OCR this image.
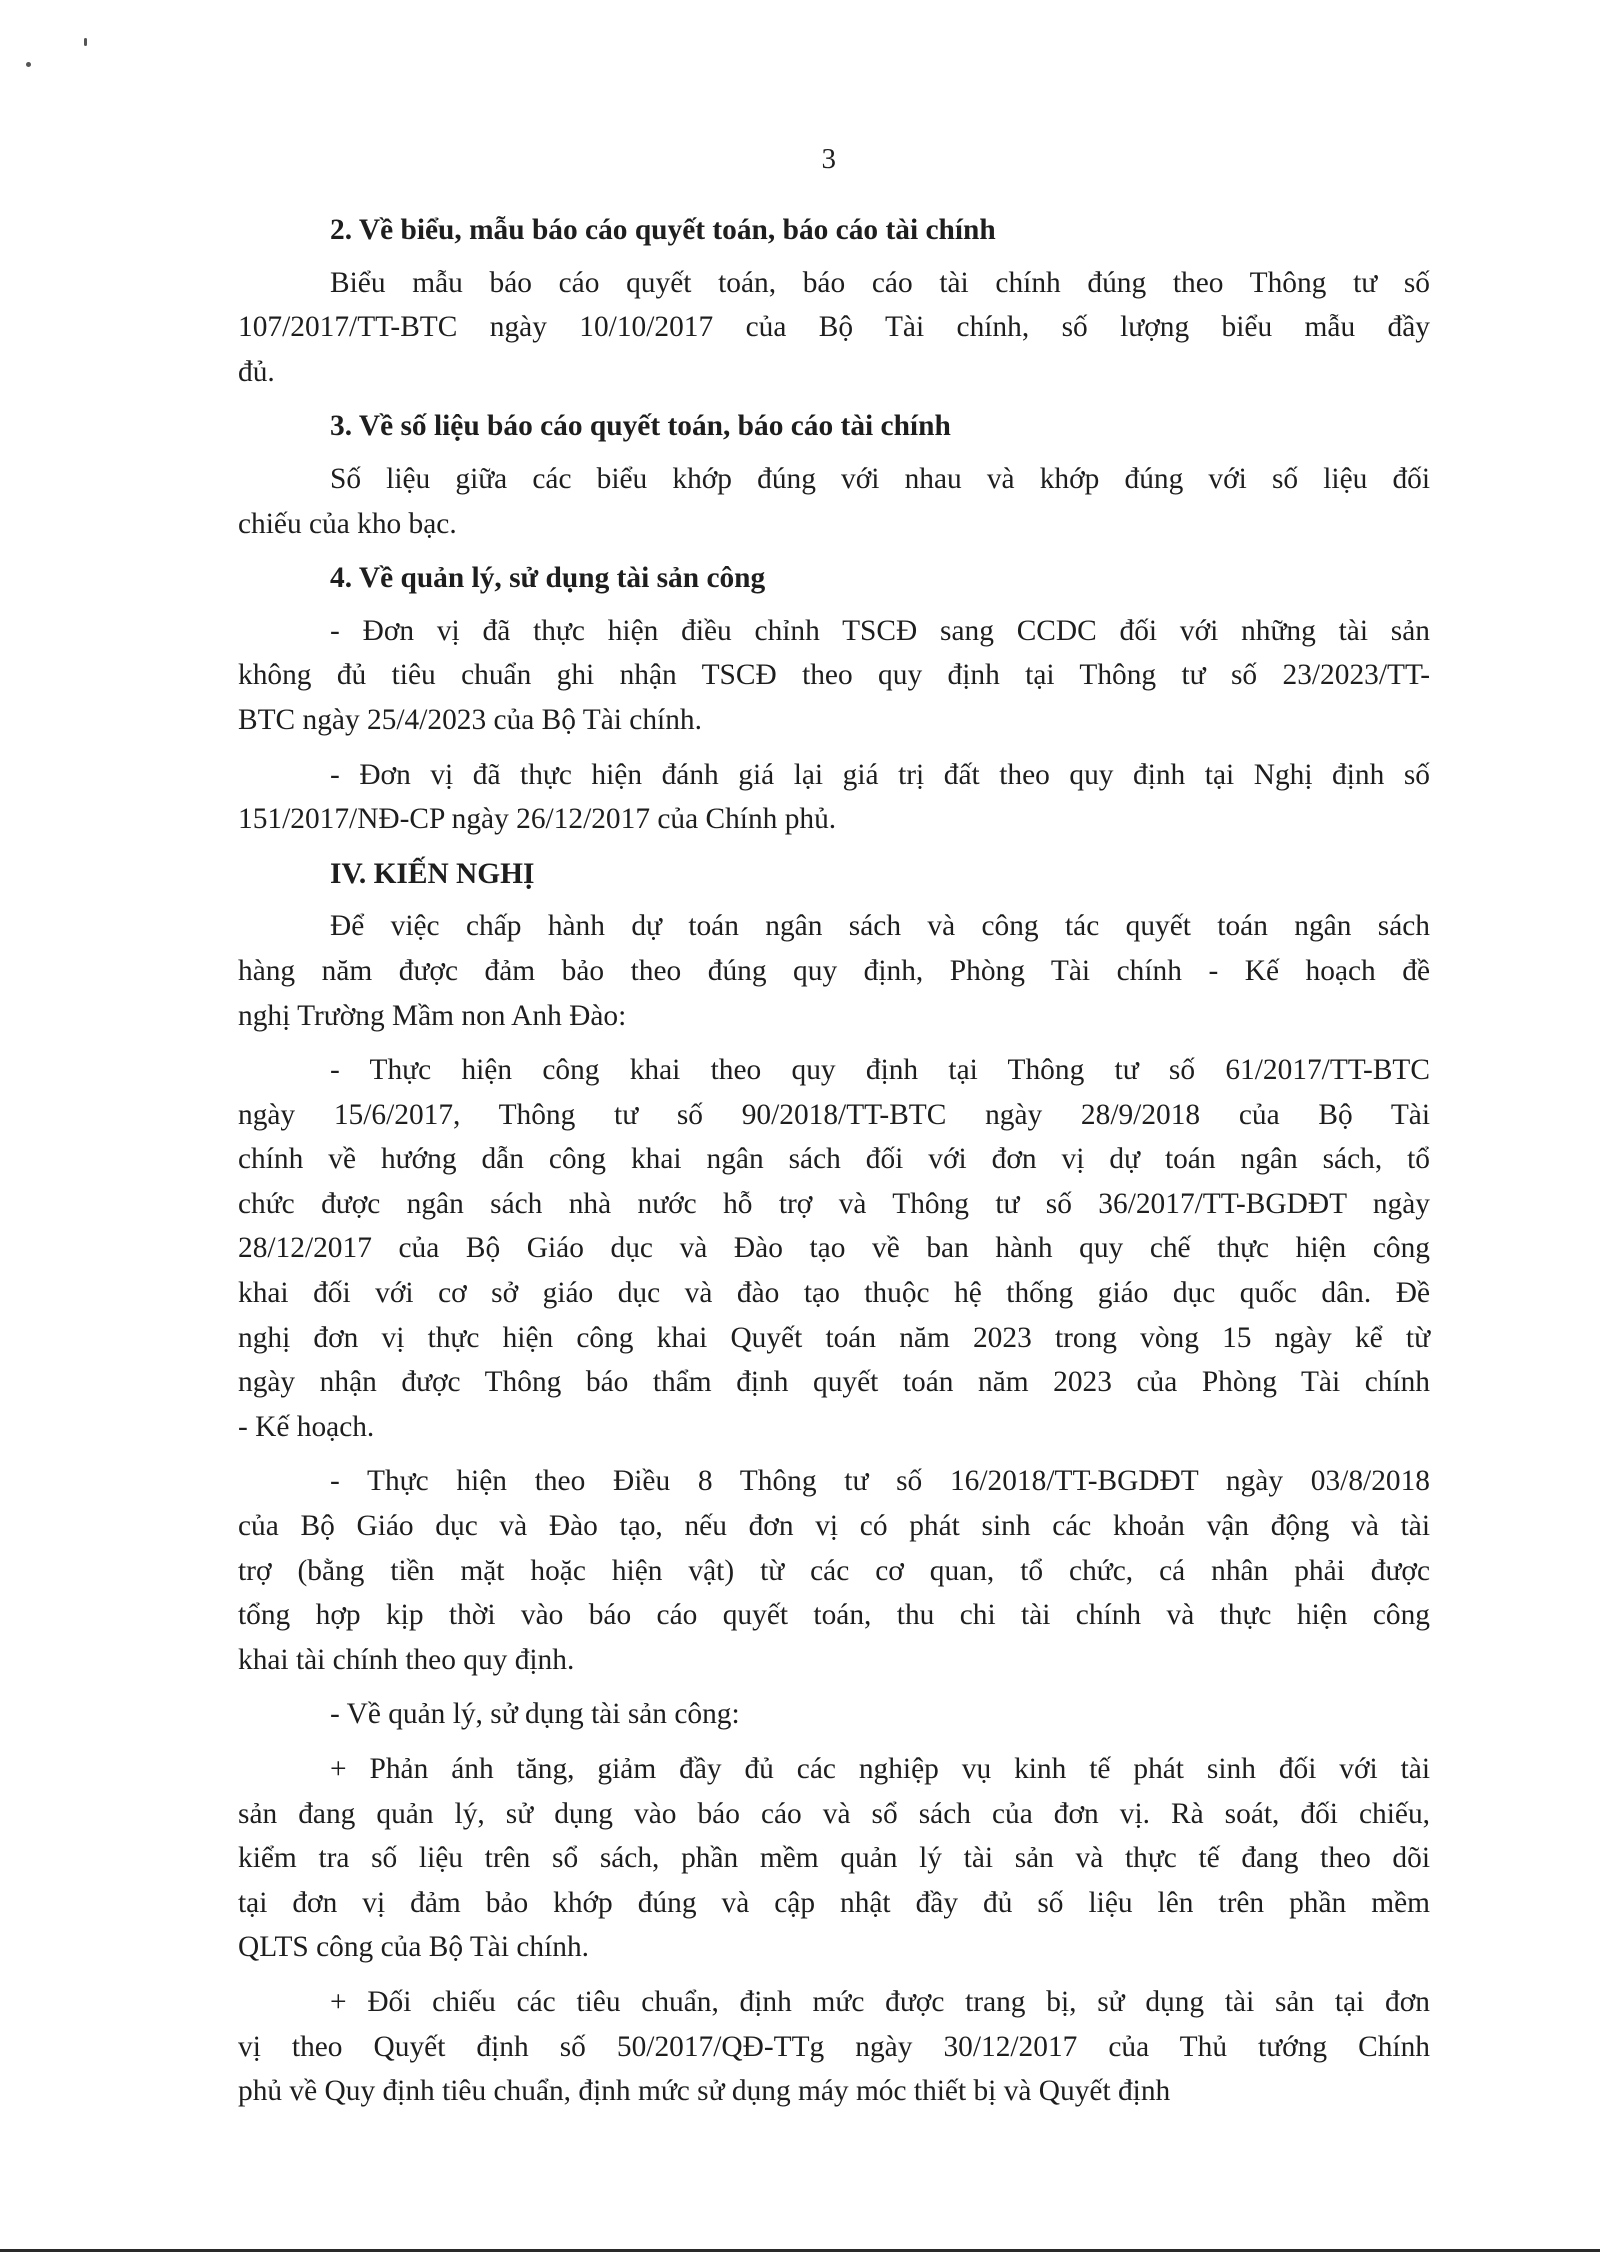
3

2. Về biểu, mẫu báo cáo quyết toán, báo cáo tài chính

Biểu mẫu báo cáo quyết toán, báo cáo tài chính đúng theo Thông tư số
107/2017/TT-BTC ngày 10/10/2017 của Bộ Tài chính, số lượng biểu mẫu đầy
đủ.

3. Về số liệu báo cáo quyết toán, báo cáo tài chính

Số liệu giữa các biểu khớp đúng với nhau và khớp đúng với số liệu đối
chiếu của kho bạc.

4. Về quản lý, sử dụng tài sản công

- Đơn vị đã thực hiện điều chỉnh TSCĐ sang CCDC đối với những tài sản
không đủ tiêu chuẩn ghi nhận TSCĐ theo quy định tại Thông tư số 23/2023/TT-
BTC ngày 25/4/2023 của Bộ Tài chính.
- Đơn vị đã thực hiện đánh giá lại giá trị đất theo quy định tại Nghị định số
151/2017/NĐ-CP ngày 26/12/2017 của Chính phủ.

IV. KIẾN NGHỊ

Để việc chấp hành dự toán ngân sách và công tác quyết toán ngân sách
hàng năm được đảm bảo theo đúng quy định, Phòng Tài chính - Kế hoạch đề
nghị Trường Mầm non Anh Đào:
- Thực hiện công khai theo quy định tại Thông tư số 61/2017/TT-BTC
ngày 15/6/2017, Thông tư số 90/2018/TT-BTC ngày 28/9/2018 của Bộ Tài
chính về hướng dẫn công khai ngân sách đối với đơn vị dự toán ngân sách, tổ
chức được ngân sách nhà nước hỗ trợ và Thông tư số 36/2017/TT-BGDĐT ngày
28/12/2017 của Bộ Giáo dục và Đào tạo về ban hành quy chế thực hiện công
khai đối với cơ sở giáo dục và đào tạo thuộc hệ thống giáo dục quốc dân. Đề
nghị đơn vị thực hiện công khai Quyết toán năm 2023 trong vòng 15 ngày kể từ
ngày nhận được Thông báo thẩm định quyết toán năm 2023 của Phòng Tài chính
- Kế hoạch.
- Thực hiện theo Điều 8 Thông tư số 16/2018/TT-BGDĐT ngày 03/8/2018
của Bộ Giáo dục và Đào tạo, nếu đơn vị có phát sinh các khoản vận động và tài
trợ (bằng tiền mặt hoặc hiện vật) từ các cơ quan, tổ chức, cá nhân phải được
tổng hợp kịp thời vào báo cáo quyết toán, thu chi tài chính và thực hiện công
khai tài chính theo quy định.
- Về quản lý, sử dụng tài sản công:
+ Phản ánh tăng, giảm đầy đủ các nghiệp vụ kinh tế phát sinh đối với tài
sản đang quản lý, sử dụng vào báo cáo và sổ sách của đơn vị. Rà soát, đối chiếu,
kiểm tra số liệu trên sổ sách, phần mềm quản lý tài sản và thực tế đang theo dõi
tại đơn vị đảm bảo khớp đúng và cập nhật đầy đủ số liệu lên trên phần mềm
QLTS công của Bộ Tài chính.
+ Đối chiếu các tiêu chuẩn, định mức được trang bị, sử dụng tài sản tại đơn
vị theo Quyết định số 50/2017/QĐ-TTg ngày 30/12/2017 của Thủ tướng Chính
phủ về Quy định tiêu chuẩn, định mức sử dụng máy móc thiết bị và Quyết định
